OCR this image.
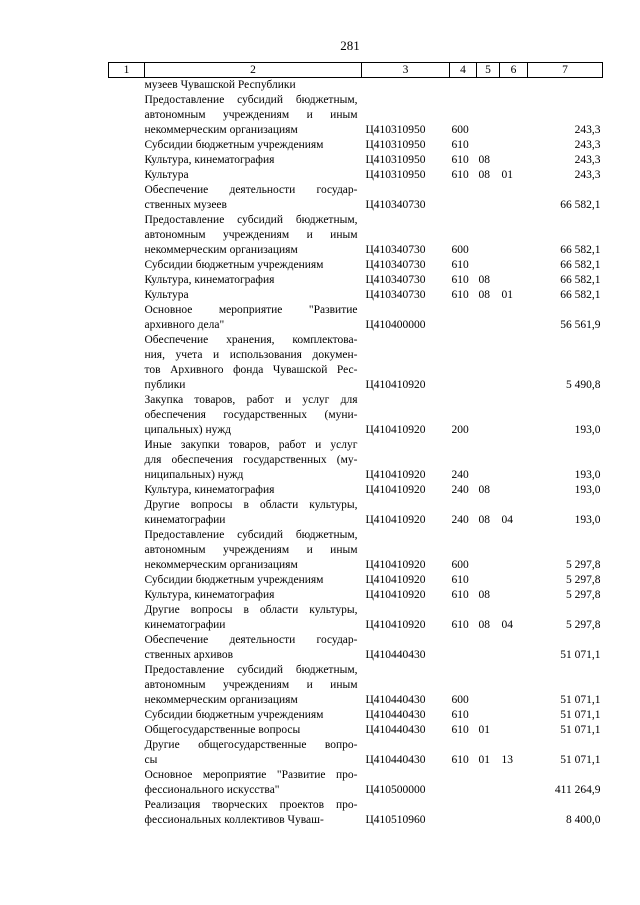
281
1	2	3	4	5	6	7

	музеев Чувашской Республики					

	Предоставление субсидий бюджетным,
автономным учреждениям и иным
некоммерческим организациям	Ц410310950	600			243,3

	Субсидии бюджетным учреждениям	Ц410310950	610			243,3

	Культура, кинематография	Ц410310950	610	08		243,3

	Культура	Ц410310950	610	08	01	243,3

	Обеспечение деятельности государ-
ственных музеев	Ц410340730				66 582,1

	Предоставление субсидий бюджетным,
автономным учреждениям и иным
некоммерческим организациям	Ц410340730	600			66 582,1

	Субсидии бюджетным учреждениям	Ц410340730	610			66 582,1

	Культура, кинематография	Ц410340730	610	08		66 582,1

	Культура	Ц410340730	610	08	01	66 582,1

	Основное мероприятие "Развитие
архивного дела"	Ц410400000				56 561,9

	Обеспечение хранения, комплектова-
ния, учета и использования докумен-
тов Архивного фонда Чувашской Рес-
публики	Ц410410920				5 490,8

	Закупка товаров, работ и услуг для
обеспечения государственных (муни-
ципальных) нужд	Ц410410920	200			193,0

	Иные закупки товаров, работ и услуг
для обеспечения государственных (му-
ниципальных) нужд	Ц410410920	240			193,0

	Культура, кинематография	Ц410410920	240	08		193,0

	Другие вопросы в области культуры,
кинематографии	Ц410410920	240	08	04	193,0

	Предоставление субсидий бюджетным,
автономным учреждениям и иным
некоммерческим организациям	Ц410410920	600			5 297,8

	Субсидии бюджетным учреждениям	Ц410410920	610			5 297,8

	Культура, кинематография	Ц410410920	610	08		5 297,8

	Другие вопросы в области культуры,
кинематографии	Ц410410920	610	08	04	5 297,8

	Обеспечение деятельности государ-
ственных архивов	Ц410440430				51 071,1

	Предоставление субсидий бюджетным,
автономным учреждениям и иным
некоммерческим организациям	Ц410440430	600			51 071,1

	Субсидии бюджетным учреждениям	Ц410440430	610			51 071,1

	Общегосударственные вопросы	Ц410440430	610	01		51 071,1

	Другие общегосударственные вопро-
сы	Ц410440430	610	01	13	51 071,1

	Основное мероприятие "Развитие про-
фессионального искусства"	Ц410500000				411 264,9

	Реализация творческих проектов про-
фессиональных коллективов Чуваш-	Ц410510960				8 400,0
